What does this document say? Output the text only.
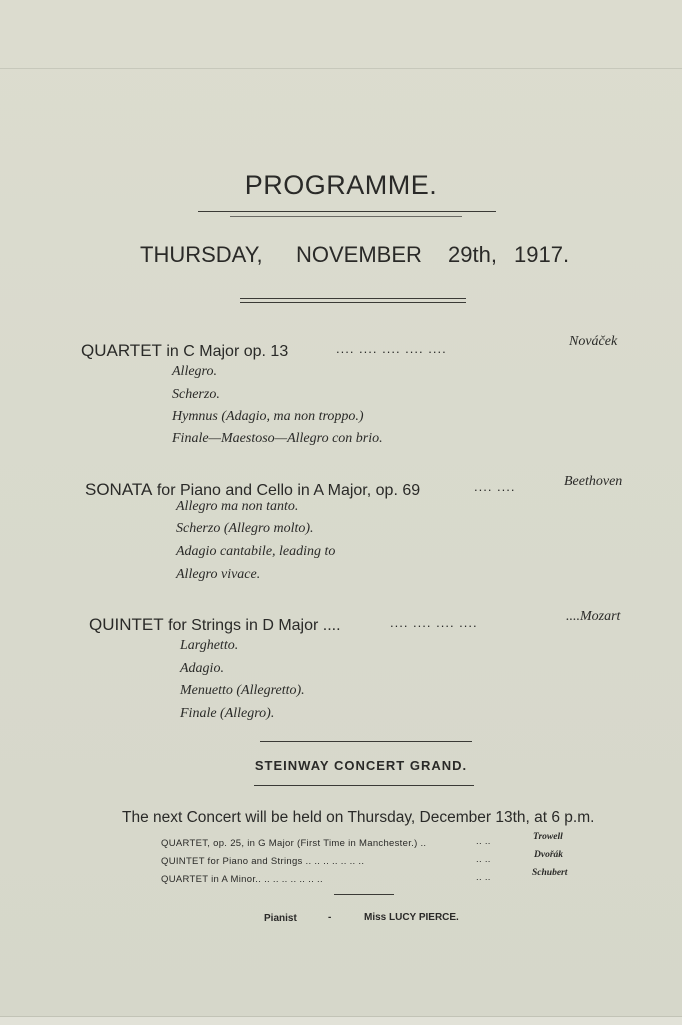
PROGRAMME.
THURSDAY, NOVEMBER 29th, 1917.
QUARTET in C Major op. 13	.... .... .... .... ....	Nováček
Allegro.
Scherzo.
Hymnus (Adagio, ma non troppo.)
Finale—Maestoso—Allegro con brio.
SONATA for Piano and Cello in A Major, op. 69	.... ....	Beethoven
Allegro ma non tanto.
Scherzo (Allegro molto).
Adagio cantabile, leading to
Allegro vivace.
QUINTET for Strings in D Major ....	.... .... .... ....	....Mozart
Larghetto.
Adagio.
Menuetto (Allegretto).
Finale (Allegro).
STEINWAY CONCERT GRAND.
The next Concert will be held on Thursday, December 13th, at 6 p.m.
QUARTET, op. 25, in G Major (First Time in Manchester.) ..	.. ..	Trowell
QUINTET for Piano and Strings .. .. .. .. .. .. ..	.. ..	Dvořák
QUARTET in A Minor.. .. .. .. .. .. .. ..	.. ..	Schubert
Pianist	-	Miss LUCY PIERCE.
